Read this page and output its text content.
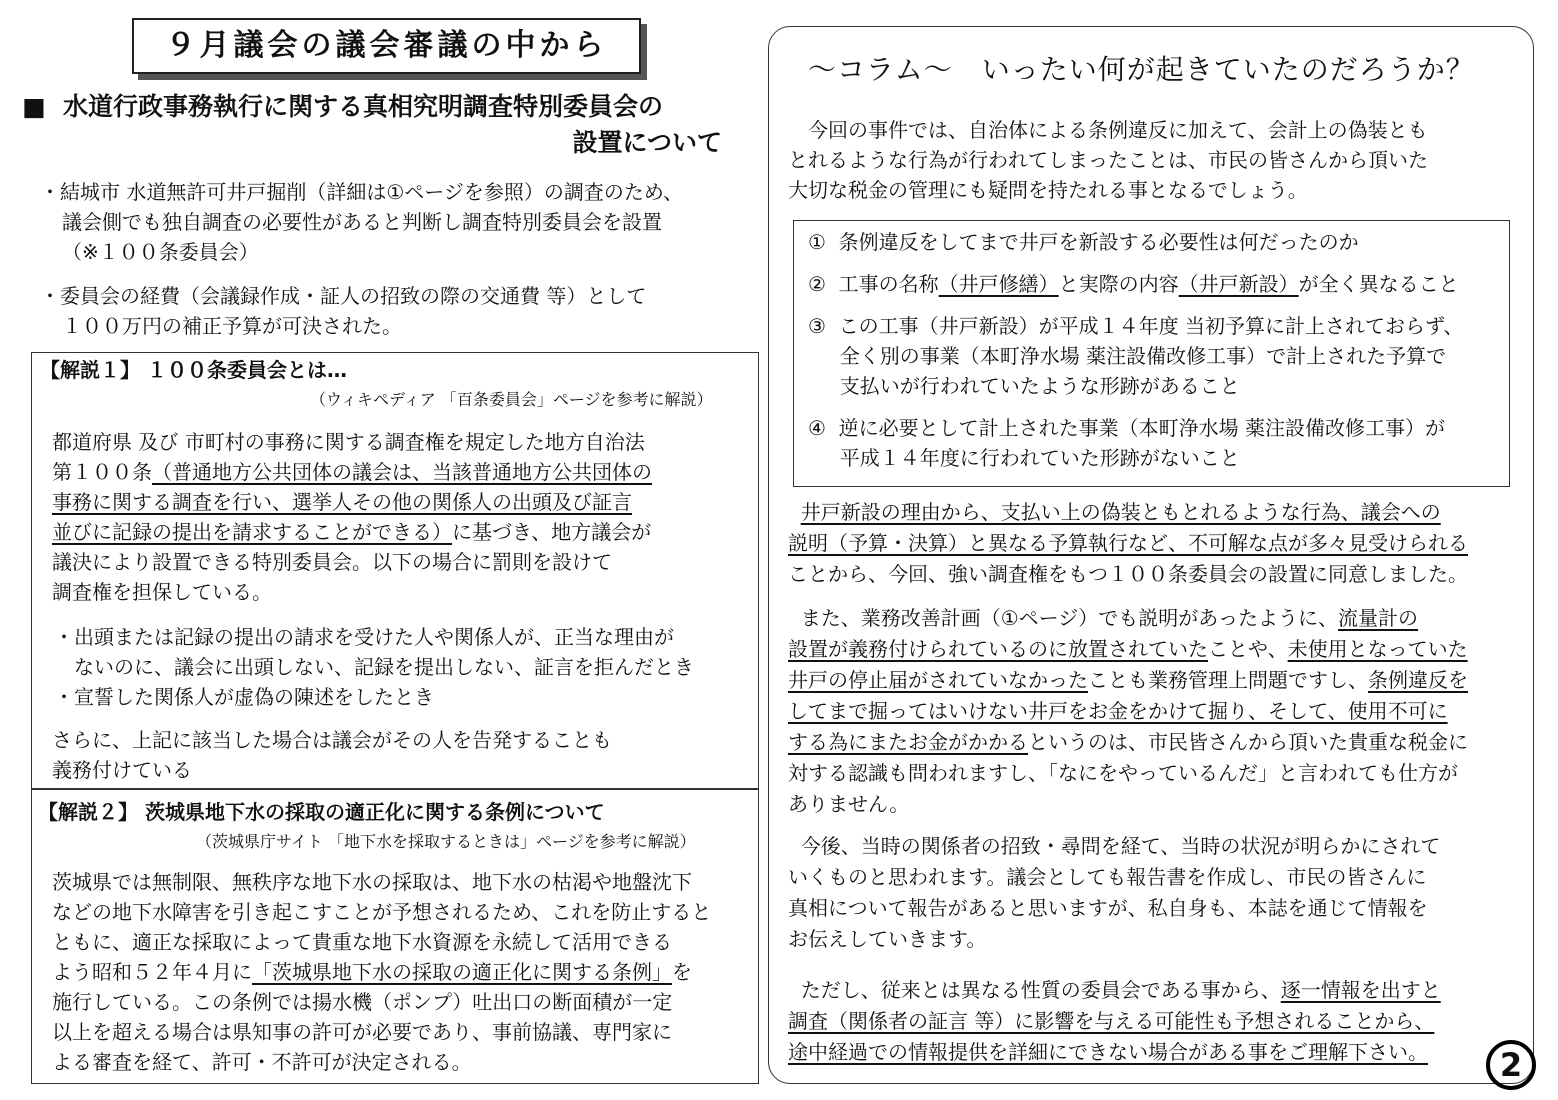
９月議会の議会審議の中から
■ 水道行政事務執行に関する真相究明調査特別委員会の
設置について
～コラム～　いったい何が起きていたのだろうか？
2
・結城市 水道無許可井戸掘削（詳細は①ページを参照）の調査のため、
議会側でも独自調査の必要性があると判断し調査特別委員会を設置
（※１００条委員会）
・委員会の経費（会議録作成・証人の招致の際の交通費 等）として
１００万円の補正予算が可決された。
【解説１】 １００条委員会とは…
（ウィキペディア 「百条委員会」ページを参考に解説）
都道府県 及び 市町村の事務に関する調査権を規定した地方自治法
第１００条（普通地方公共団体の議会は、当該普通地方公共団体の
事務に関する調査を行い、選挙人その他の関係人の出頭及び証言
並びに記録の提出を請求することができる）に基づき、地方議会が
議決により設置できる特別委員会。以下の場合に罰則を設けて
調査権を担保している。
・出頭または記録の提出の請求を受けた人や関係人が、正当な理由が
ないのに、議会に出頭しない、記録を提出しない、証言を拒んだとき
・宣誓した関係人が虚偽の陳述をしたとき
さらに、上記に該当した場合は議会がその人を告発することも
義務付けている
【解説２】 茨城県地下水の採取の適正化に関する条例について
（茨城県庁サイト 「地下水を採取するときは」ページを参考に解説）
茨城県では無制限、無秩序な地下水の採取は、地下水の枯渇や地盤沈下
などの地下水障害を引き起こすことが予想されるため、これを防止すると
ともに、適正な採取によって貴重な地下水資源を永続して活用できる
よう昭和５２年４月に「茨城県地下水の採取の適正化に関する条例」を
施行している。この条例では揚水機（ポンプ）吐出口の断面積が一定
以上を超える場合は県知事の許可が必要であり、事前協議、専門家に
よる審査を経て、許可・不許可が決定される。
今回の事件では、自治体による条例違反に加えて、会計上の偽装とも
とれるような行為が行われてしまったことは、市民の皆さんから頂いた
大切な税金の管理にも疑問を持たれる事となるでしょう。
①  条例違反をしてまで井戸を新設する必要性は何だったのか
②  工事の名称（井戸修繕）と実際の内容（井戸新設）が全く異なること
③  この工事（井戸新設）が平成１４年度 当初予算に計上されておらず、
全く別の事業（本町浄水場 薬注設備改修工事）で計上された予算で
支払いが行われていたような形跡があること
④  逆に必要として計上された事業（本町浄水場 薬注設備改修工事）が
平成１４年度に行われていた形跡がないこと
井戸新設の理由から、支払い上の偽装ともとれるような行為、議会への
説明（予算・決算）と異なる予算執行など、不可解な点が多々見受けられる
ことから、今回、強い調査権をもつ１００条委員会の設置に同意しました。
また、業務改善計画（①ページ）でも説明があったように、流量計の
設置が義務付けられているのに放置されていたことや、未使用となっていた
井戸の停止届がされていなかったことも業務管理上問題ですし、条例違反を
してまで掘ってはいけない井戸をお金をかけて掘り、そして、使用不可に
する為にまたお金がかかるというのは、市民皆さんから頂いた貴重な税金に
対する認識も問われますし、「なにをやっているんだ」と言われても仕方が
ありません。
今後、当時の関係者の招致・尋問を経て、当時の状況が明らかにされて
いくものと思われます。議会としても報告書を作成し、市民の皆さんに
真相について報告があると思いますが、私自身も、本誌を通じて情報を
お伝えしていきます。
ただし、従来とは異なる性質の委員会である事から、逐一情報を出すと
調査（関係者の証言 等）に影響を与える可能性も予想されることから、
途中経過での情報提供を詳細にできない場合がある事をご理解下さい。
